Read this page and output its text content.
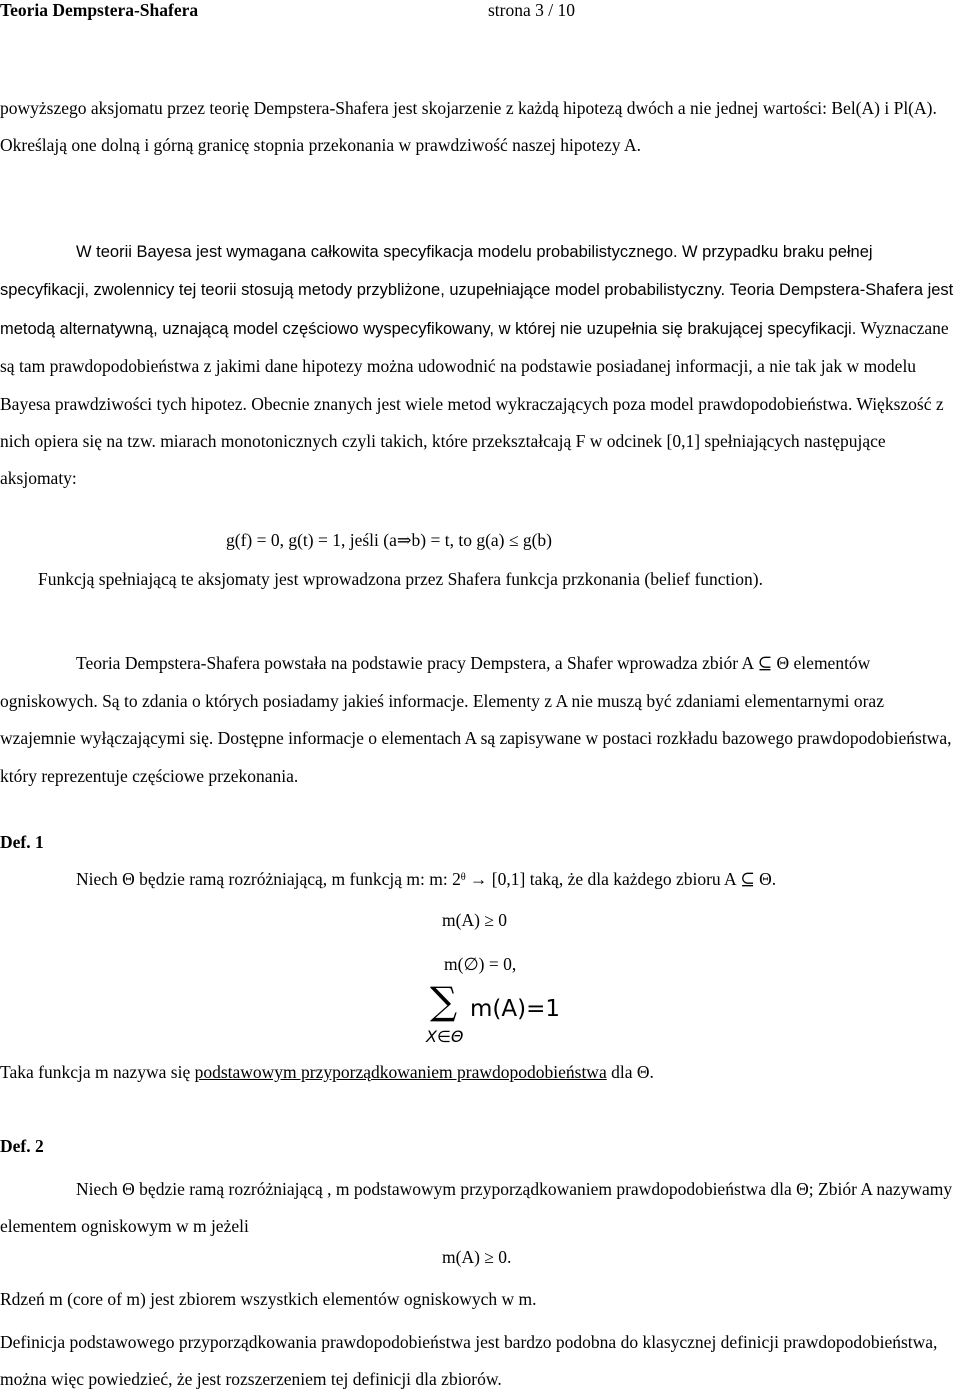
Teoria Dempstera-Shafera	strona 3 / 10
powyższego aksjomatu przez teorię Dempstera-Shafera jest skojarzenie z każdą hipotezą dwóch a nie jednej wartości: Bel(A) i Pl(A). Określają one dolną i górną granicę stopnia przekonania w prawdziwość naszej hipotezy A.
W teorii Bayesa jest wymagana całkowita specyfikacja modelu probabilistycznego. W przypadku braku pełnej specyfikacji, zwolennicy tej teorii stosują metody przybliżone, uzupełniające model probabilistyczny. Teoria Dempstera-Shafera jest metodą alternatywną, uznającą model częściowo wyspecyfikowany, w której nie uzupełnia się brakującej specyfikacji. Wyznaczane są tam prawdopodobieństwa z jakimi dane hipotezy można udowodnić na podstawie posiadanej informacji, a nie tak jak w modelu Bayesa prawdziwości tych hipotez. Obecnie znanych jest wiele metod wykraczających poza model prawdopodobieństwa. Większość z nich opiera się na tzw. miarach monotonicznych czyli takich, które przekształcają F w odcinek [0,1] spełniających następujące aksjomaty:
g(f) = 0, g(t) = 1, jeśli (a⇒b) = t, to g(a) ≤ g(b)
Funkcją spełniającą te aksjomaty jest wprowadzona przez Shafera funkcja przkonania (belief function).
Teoria Dempstera-Shafera powstała na podstawie pracy Dempstera, a Shafer wprowadza zbiór A ⊆ Θ elementów ogniskowych. Są to zdania o których posiadamy jakieś informacje. Elementy z A nie muszą być zdaniami elementarnymi oraz wzajemnie wyłączającymi się. Dostępne informacje o elementach A są zapisywane w postaci rozkładu bazowego prawdopodobieństwa, który reprezentuje częściowe przekonania.
Def. 1
Niech Θ będzie ramą rozróżniającą, m funkcją m: m: 2ᶿ → [0,1] taką, że dla każdego zbioru A ⊆ Θ.
m(A) ≥ 0
m(∅) = 0,
∑ m(A)=1
X∈Θ
Taka funkcja m nazywa się podstawowym przyporządkowaniem prawdopodobieństwa dla Θ.
Def. 2
Niech Θ będzie ramą rozróżniającą , m podstawowym przyporządkowaniem prawdopodobieństwa dla Θ; Zbiór A nazywamy elementem ogniskowym w m jeżeli
m(A) ≥ 0.
Rdzeń m (core of m) jest zbiorem wszystkich elementów ogniskowych w m.
Definicja podstawowego przyporządkowania prawdopodobieństwa jest bardzo podobna do klasycznej definicji prawdopodobieństwa, można więc powiedzieć, że jest rozszerzeniem tej definicji dla zbiorów.
